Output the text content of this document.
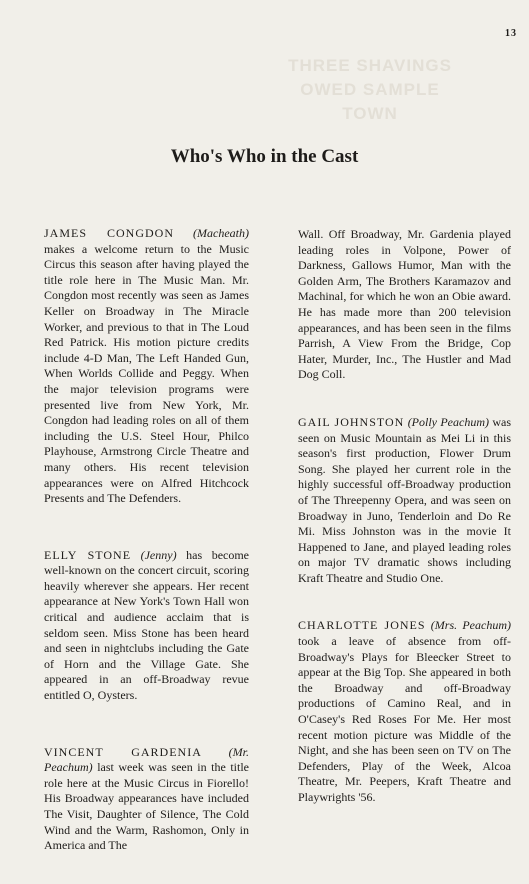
13
THREE SHAVINGS
OWED SAMPLE TOWN
Who's Who in the Cast

JAMES CONGDON (Macheath) makes a welcome return to the Music Circus this season after having played the title role here in The Music Man. Mr. Congdon most recently was seen as James Keller on Broadway in The Miracle Worker, and previous to that in The Loud Red Patrick. His motion picture credits include 4-D Man, The Left Handed Gun, When Worlds Collide and Peggy. When the major television programs were presented live from New York, Mr. Congdon had leading roles on all of them including the U.S. Steel Hour, Philco Playhouse, Armstrong Circle Theatre and many others. His recent television appearances were on Alfred Hitchcock Presents and The Defenders.

ELLY STONE (Jenny) has become well-known on the concert circuit, scoring heavily wherever she appears. Her recent appearance at New York's Town Hall won critical and audience acclaim that is seldom seen. Miss Stone has been heard and seen in nightclubs including the Gate of Horn and the Village Gate. She appeared in an off-Broadway revue entitled O, Oysters.

VINCENT GARDENIA (Mr. Peachum) last week was seen in the title role here at the Music Circus in Fiorello! His Broadway appearances have included The Visit, Daughter of Silence, The Cold Wind and the Warm, Rashomon, Only in America and The

Wall. Off Broadway, Mr. Gardenia played leading roles in Volpone, Power of Darkness, Gallows Humor, Man with the Golden Arm, The Brothers Karamazov and Machinal, for which he won an Obie award. He has made more than 200 television appearances, and has been seen in the films Parrish, A View From the Bridge, Cop Hater, Murder, Inc., The Hustler and Mad Dog Coll.

GAIL JOHNSTON (Polly Peachum) was seen on Music Mountain as Mei Li in this season's first production, Flower Drum Song. She played her current role in the highly successful off-Broadway production of The Threepenny Opera, and was seen on Broadway in Juno, Tenderloin and Do Re Mi. Miss Johnston was in the movie It Happened to Jane, and played leading roles on major TV dramatic shows including Kraft Theatre and Studio One.

CHARLOTTE JONES (Mrs. Peachum) took a leave of absence from off-Broadway's Plays for Bleecker Street to appear at the Big Top. She appeared in both the Broadway and off-Broadway productions of Camino Real, and in O'Casey's Red Roses For Me. Her most recent motion picture was Middle of the Night, and she has been seen on TV on The Defenders, Play of the Week, Alcoa Theatre, Mr. Peepers, Kraft Theatre and Playwrights '56.
